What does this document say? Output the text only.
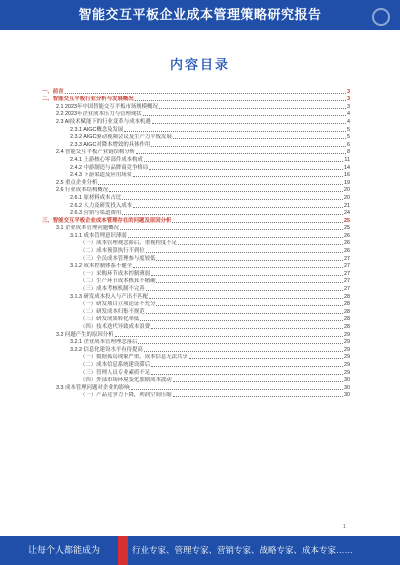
智能交互平板企业成本管理策略研究报告
内容目录
一、前言	3
二、智能交互平板行业分析与发展概况	3
2.1 2023年中国智能交互平板市场规模概况	3
2.2 2023年企业成本压力与管理现状	4
2.3 AI技术赋能下的行业变革与成本机遇	4
2.3.1 AIGC概念及发展	5
2.3.2 AIGC驱动视频会议及生产力平板发展	5
2.3.3 AIGC对降本增效的具体作用	6
2.4 智能交互平板产业链结构分析	8
2.4.1 上游核心零部件成本构成	11
2.4.2 中游制造与品牌商竞争格局	14
2.4.3 下游渠道及应用场景	16
2.5 重点企业分析	19
2.6 行业成本结构概况	20
2.6.1 原材料成本占比	20
2.6.2 人力及研发投入成本	21
2.6.3 营销与渠道费用	24
三、智能交互平板企业成本管理存在的问题及原因分析	25
3.1 企业成本管理问题概况	25
3.1.1 成本管理意识薄弱	26
（一）成本管理观念滞后，重视程度不足	26
（二）成本预算执行不到位	26
（三）全员成本管理参与度较低	27
3.1.2 成本控制体系不健全	27
（一）采购环节成本控制薄弱	27
（二）生产环节成本核算不精确	27
（三）成本考核机制不完善	27
3.1.3 研发成本投入与产出不匹配	28
（一）研发项目立项论证不充分	28
（二）研发成本归集不规范	28
（三）研发成果转化率低	28
（四）技术迭代导致成本浪费	28
3.2 问题产生的原因分析	29
3.2.1 企业成本管理理念落后	29
3.2.2 信息化建设水平有待提高	29
（一）数据孤岛现象严重，成本信息无法共享	29
（二）成本信息系统建设滞后	29
（三）管理人员专业素质不足	29
（四）外部市场环境变化加剧成本波动	30
3.3 成本管理问题对企业的影响	30
（一）产品竞争力下降，利润空间压缩	30
1
让每个人都能成为	行业专家、管理专家、营销专家、战略专家、成本专家……
